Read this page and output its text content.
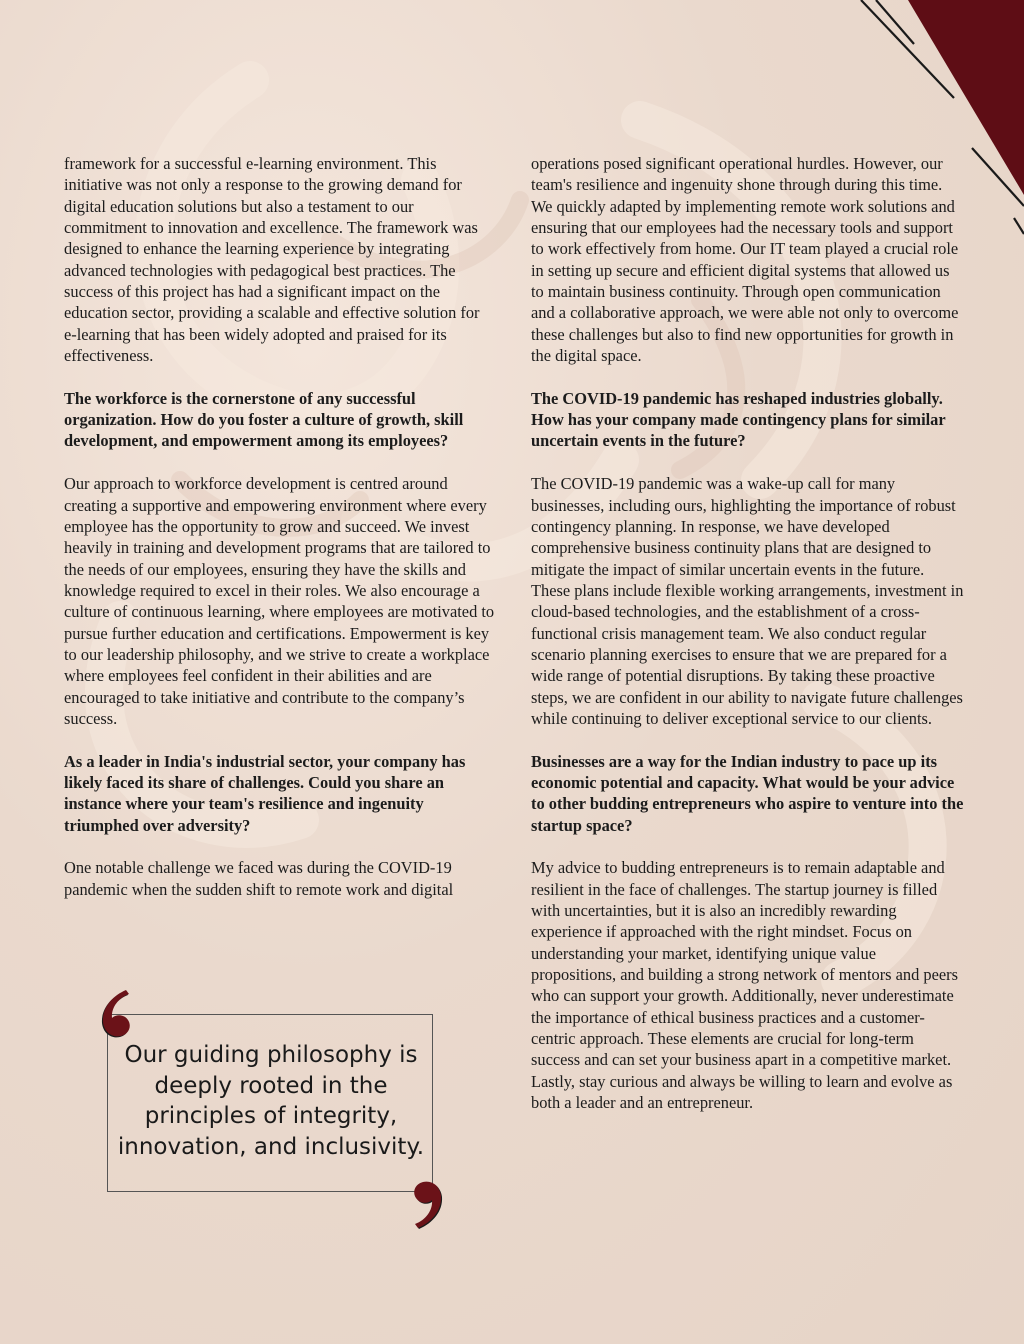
framework for a successful e-learning environment. This initiative was not only a response to the growing demand for digital education solutions but also a testament to our commitment to innovation and excellence. The framework was designed to enhance the learning experience by integrating advanced technologies with pedagogical best practices. The success of this project has had a significant impact on the education sector, providing a scalable and effective solution for e-learning that has been widely adopted and praised for its effectiveness.

The workforce is the cornerstone of any successful organization. How do you foster a culture of growth, skill development, and empowerment among its employees?

Our approach to workforce development is centred around creating a supportive and empowering environment where every employee has the opportunity to grow and succeed. We invest heavily in training and development programs that are tailored to the needs of our employees, ensuring they have the skills and knowledge required to excel in their roles. We also encourage a culture of continuous learning, where employees are motivated to pursue further education and certifications. Empowerment is key to our leadership philosophy, and we strive to create a workplace where employees feel confident in their abilities and are encouraged to take initiative and contribute to the company’s success.

As a leader in India's industrial sector, your company has likely faced its share of challenges. Could you share an instance where your team's resilience and ingenuity triumphed over adversity?

One notable challenge we faced was during the COVID-19 pandemic when the sudden shift to remote work and digital

operations posed significant operational hurdles. However, our team's resilience and ingenuity shone through during this time. We quickly adapted by implementing remote work solutions and ensuring that our employees had the necessary tools and support to work effectively from home. Our IT team played a crucial role in setting up secure and efficient digital systems that allowed us to maintain business continuity. Through open communication and a collaborative approach, we were able not only to overcome these challenges but also to find new opportunities for growth in the digital space.

The COVID-19 pandemic has reshaped industries globally. How has your company made contingency plans for similar uncertain events in the future?

The COVID-19 pandemic was a wake-up call for many businesses, including ours, highlighting the importance of robust contingency planning. In response, we have developed comprehensive business continuity plans that are designed to mitigate the impact of similar uncertain events in the future. These plans include flexible working arrangements, investment in cloud-based technologies, and the establishment of a cross-functional crisis management team. We also conduct regular scenario planning exercises to ensure that we are prepared for a wide range of potential disruptions. By taking these proactive steps, we are confident in our ability to navigate future challenges while continuing to deliver exceptional service to our clients.

Businesses are a way for the Indian industry to pace up its economic potential and capacity. What would be your advice to other budding entrepreneurs who aspire to venture into the startup space?

My advice to budding entrepreneurs is to remain adaptable and resilient in the face of challenges. The startup journey is filled with uncertainties, but it is also an incredibly rewarding experience if approached with the right mindset. Focus on understanding your market, identifying unique value propositions, and building a strong network of mentors and peers who can support your growth. Additionally, never underestimate the importance of ethical business practices and a customer-centric approach. These elements are crucial for long-term success and can set your business apart in a competitive market. Lastly, stay curious and always be willing to learn and evolve as both a leader and an entrepreneur.

Our guiding philosophy is deeply rooted in the principles of integrity, innovation, and inclusivity.
